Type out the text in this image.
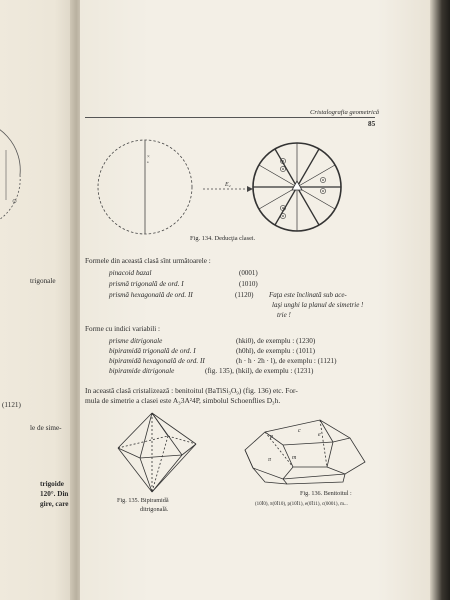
⊙
trigonale
(1121)
le de sime-
trigoide
120°. Din
gire, care
Cristalografia geometrică
85
×
•
E₂
Fig. 134. Deducţia clasei.
Formele din această clasă sînt următoarele :
pinacoid bazal	(0001)
prismă trigonală de ord. I	(1010)
prismă hexagonală de ord. II	(1120) Faţa este înclinată sub ace-
laşi unghi la planul de simetrie !
trie !
Forme cu indici variabili :
prisme ditrigonale	(hki0), de exemplu : (1230)
bipiramidă trigonală de ord. I	(h0hl), de exemplu : (1011)
bipiramidă hexagonală de ord. II	(h · h · 2h · l), de exemplu : (1121)
bipiramide ditrigonale	(fig. 135), (hkil), de exemplu : (1231)
In această clasă cristalizează : benitoitul (BaTiSi₃O₉) (fig. 136) etc. For-
mula de simetrie a clasei este A₃3A²4P, simbolul Schoenflies D₃h.
Fig. 135. Bipiramidă
ditrigonală.
p	e
c
m
π
Fig. 136. Benitoitul :
(10Ī0), π(0Ī10), p(10Ī1), e(0Ī11), c(0001), m...
